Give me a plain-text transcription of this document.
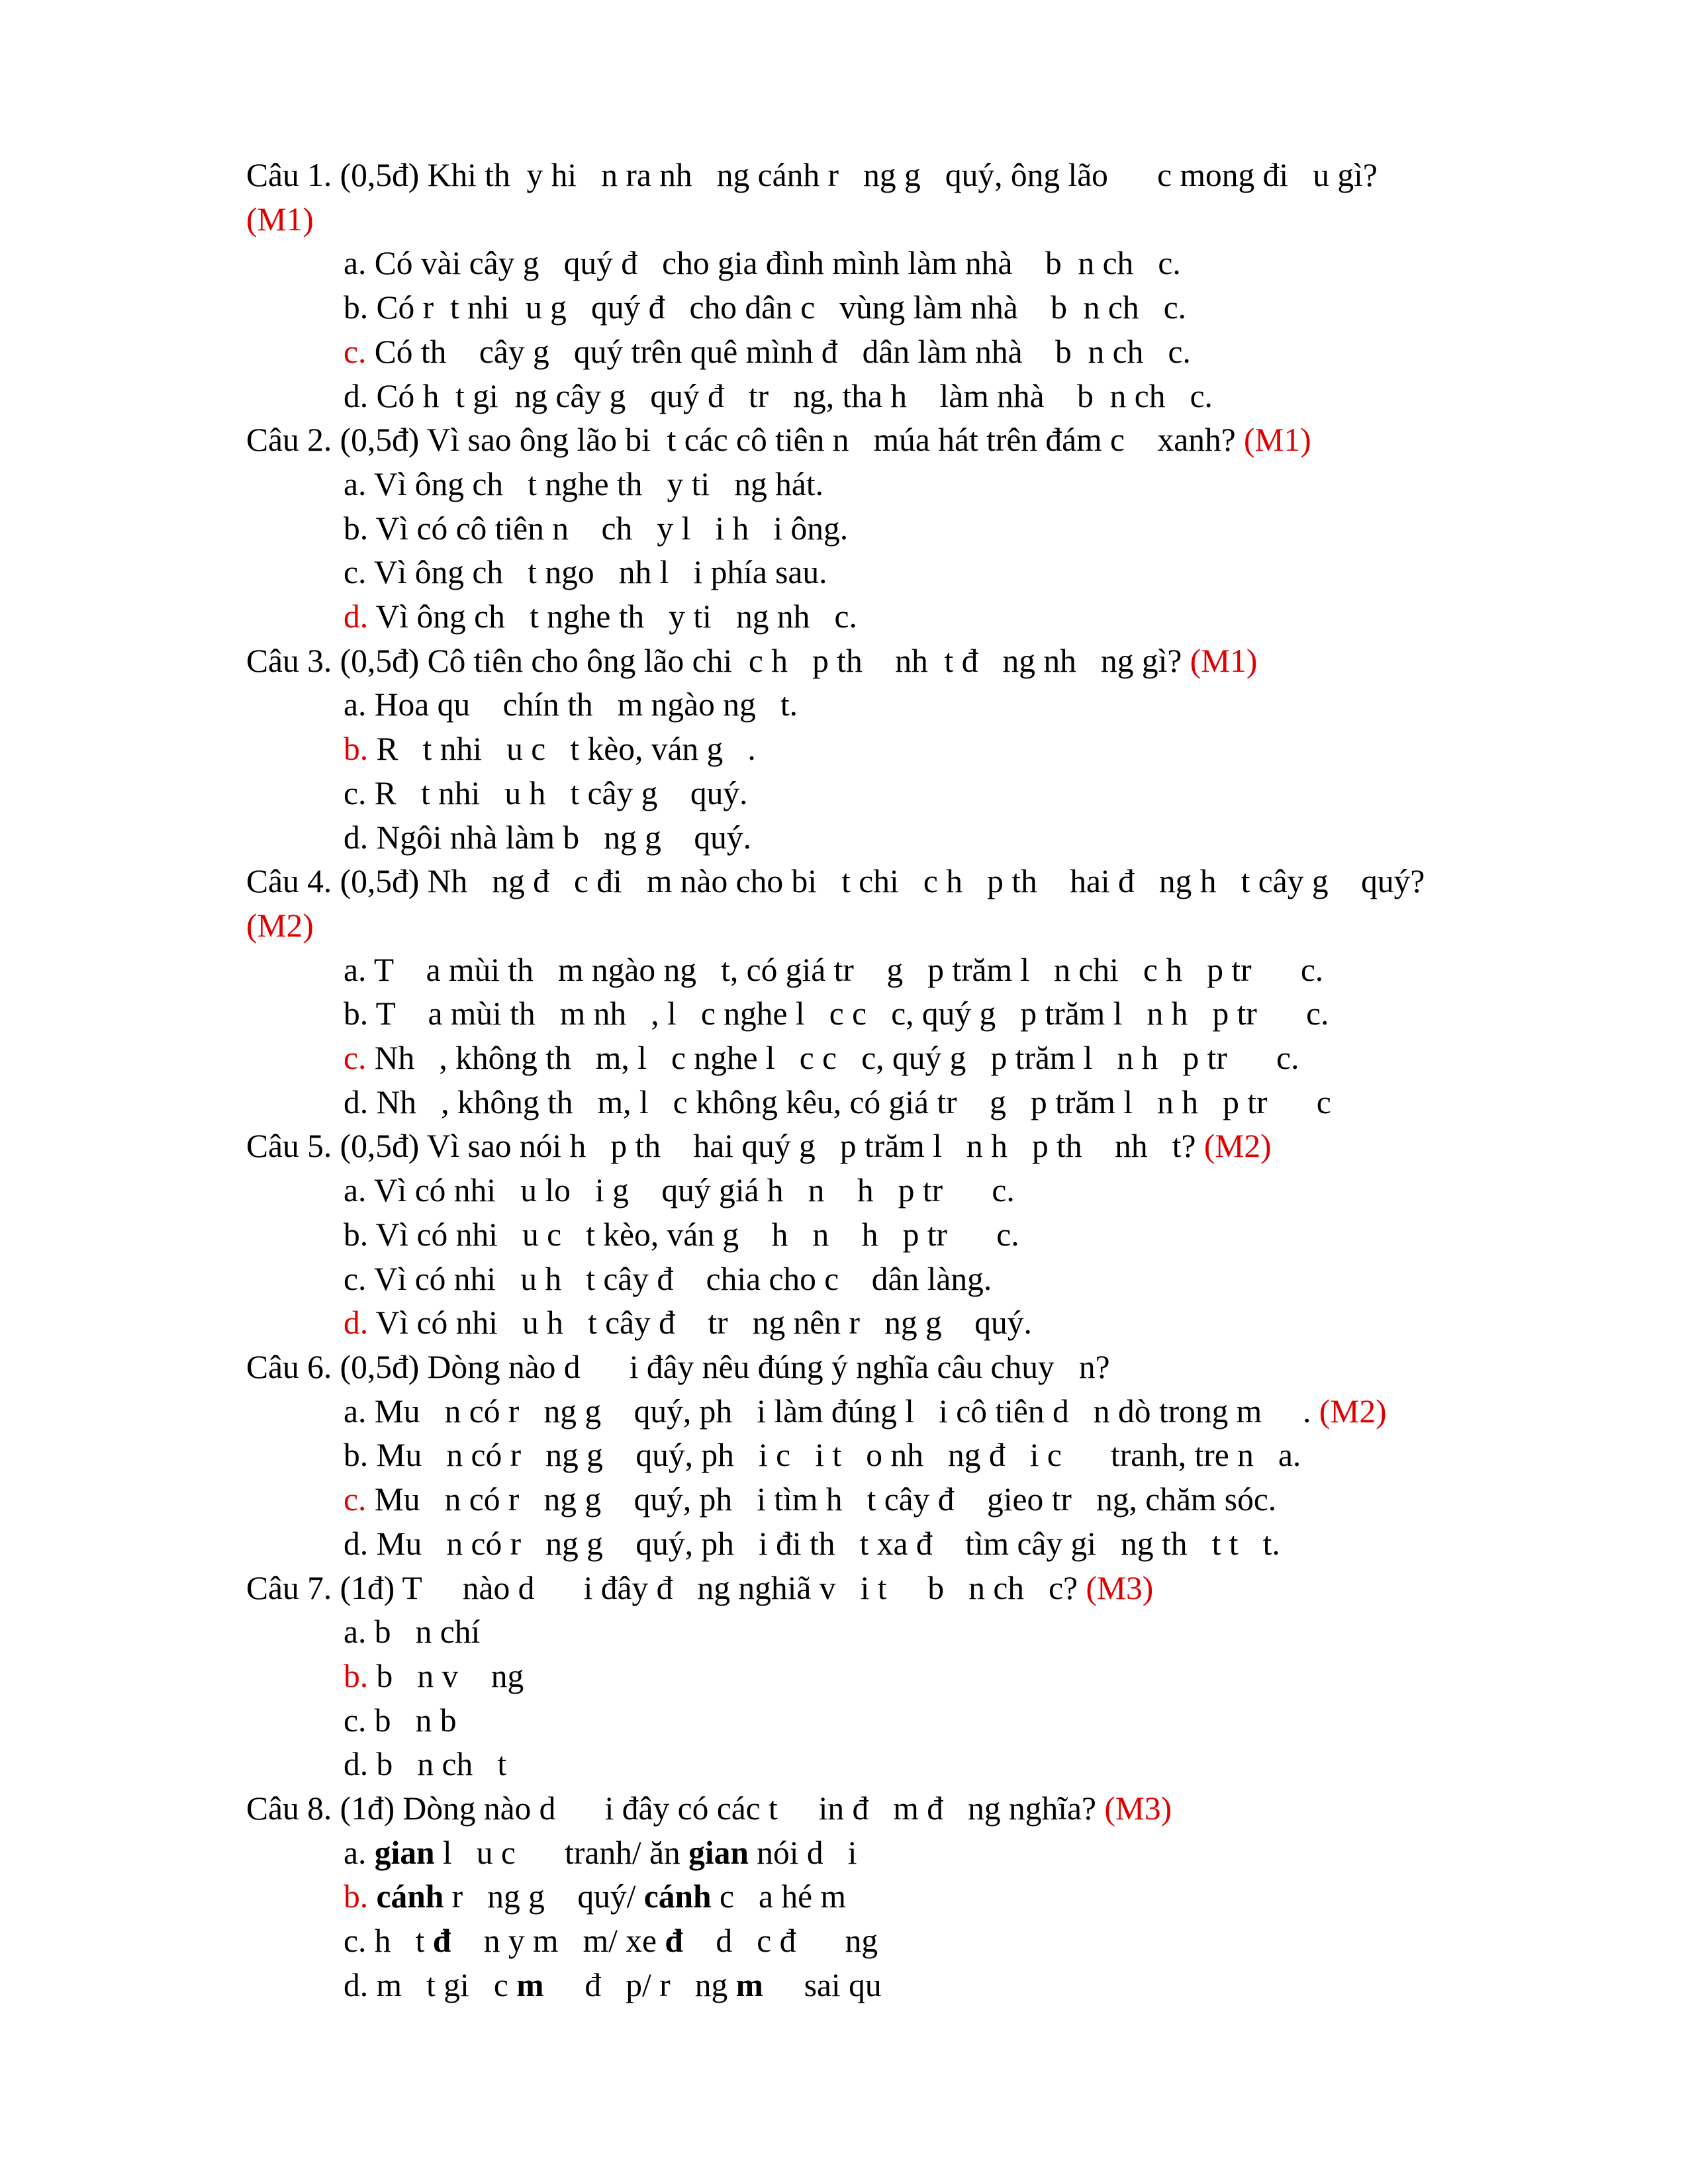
Câu 1. (0,5đ) Khi th  y hi   n ra nh   ng cánh r   ng g   quý, ông lão      c mong đi   u gì?
(M1)
a. Có vài cây g   quý đ   cho gia đình mình làm nhà    b  n ch   c.
b. Có r  t nhi  u g   quý đ   cho dân c   vùng làm nhà    b  n ch   c.
c. Có th    cây g   quý trên quê mình đ   dân làm nhà    b  n ch   c.
d. Có h  t gi  ng cây g   quý đ   tr   ng, tha h    làm nhà    b  n ch   c.
Câu 2. (0,5đ) Vì sao ông lão bi  t các cô tiên n   múa hát trên đám c    xanh? (M1)
a. Vì ông ch   t nghe th   y ti   ng hát.
b. Vì có cô tiên n    ch   y l   i h   i ông.
c. Vì ông ch   t ngo   nh l   i phía sau.
d. Vì ông ch   t nghe th   y ti   ng nh   c.
Câu 3. (0,5đ) Cô tiên cho ông lão chi  c h   p th    nh  t đ   ng nh   ng gì? (M1)
a. Hoa qu    chín th   m ngào ng   t.
b. R   t nhi   u c   t kèo, ván g   .
c. R   t nhi   u h   t cây g    quý.
d. Ngôi nhà làm b   ng g    quý.
Câu 4. (0,5đ) Nh   ng đ   c đi   m nào cho bi   t chi   c h   p th    hai đ   ng h   t cây g    quý?
(M2)
a. T    a mùi th   m ngào ng   t, có giá tr    g   p trăm l   n chi   c h   p tr      c.
b. T    a mùi th   m nh   , l   c nghe l   c c   c, quý g   p trăm l   n h   p tr      c.
c. Nh   , không th   m, l   c nghe l   c c   c, quý g   p trăm l   n h   p tr      c.
d. Nh   , không th   m, l   c không kêu, có giá tr    g   p trăm l   n h   p tr      c
Câu 5. (0,5đ) Vì sao nói h   p th    hai quý g   p trăm l   n h   p th    nh   t? (M2)
a. Vì có nhi   u lo   i g    quý giá h   n    h   p tr      c.
b. Vì có nhi   u c   t kèo, ván g    h   n    h   p tr      c.
c. Vì có nhi   u h   t cây đ    chia cho c    dân làng.
d. Vì có nhi   u h   t cây đ    tr   ng nên r   ng g    quý.
Câu 6. (0,5đ) Dòng nào d      i đây nêu đúng ý nghĩa câu chuy   n?
a. Mu   n có r   ng g    quý, ph   i làm đúng l   i cô tiên d   n dò trong m     . (M2)
b. Mu   n có r   ng g    quý, ph   i c   i t   o nh   ng đ   i c      tranh, tre n   a.
c. Mu   n có r   ng g    quý, ph   i tìm h   t cây đ    gieo tr   ng, chăm sóc.
d. Mu   n có r   ng g    quý, ph   i đi th   t xa đ    tìm cây gi   ng th   t t   t.
Câu 7. (1đ) T     nào d      i đây đ   ng nghiã v   i t     b   n ch   c? (M3)
a. b   n chí
b. b   n v    ng
c. b   n b
d. b   n ch   t
Câu 8. (1đ) Dòng nào d      i đây có các t     in đ   m đ   ng nghĩa? (M3)
a. gian l   u c      tranh/ ăn gian nói d   i
b. cánh r   ng g    quý/ cánh c   a hé m
c. h   t đ    n y m   m/ xe đ    d   c đ      ng
d. m   t gi   c m     đ   p/ r   ng m     sai qu
